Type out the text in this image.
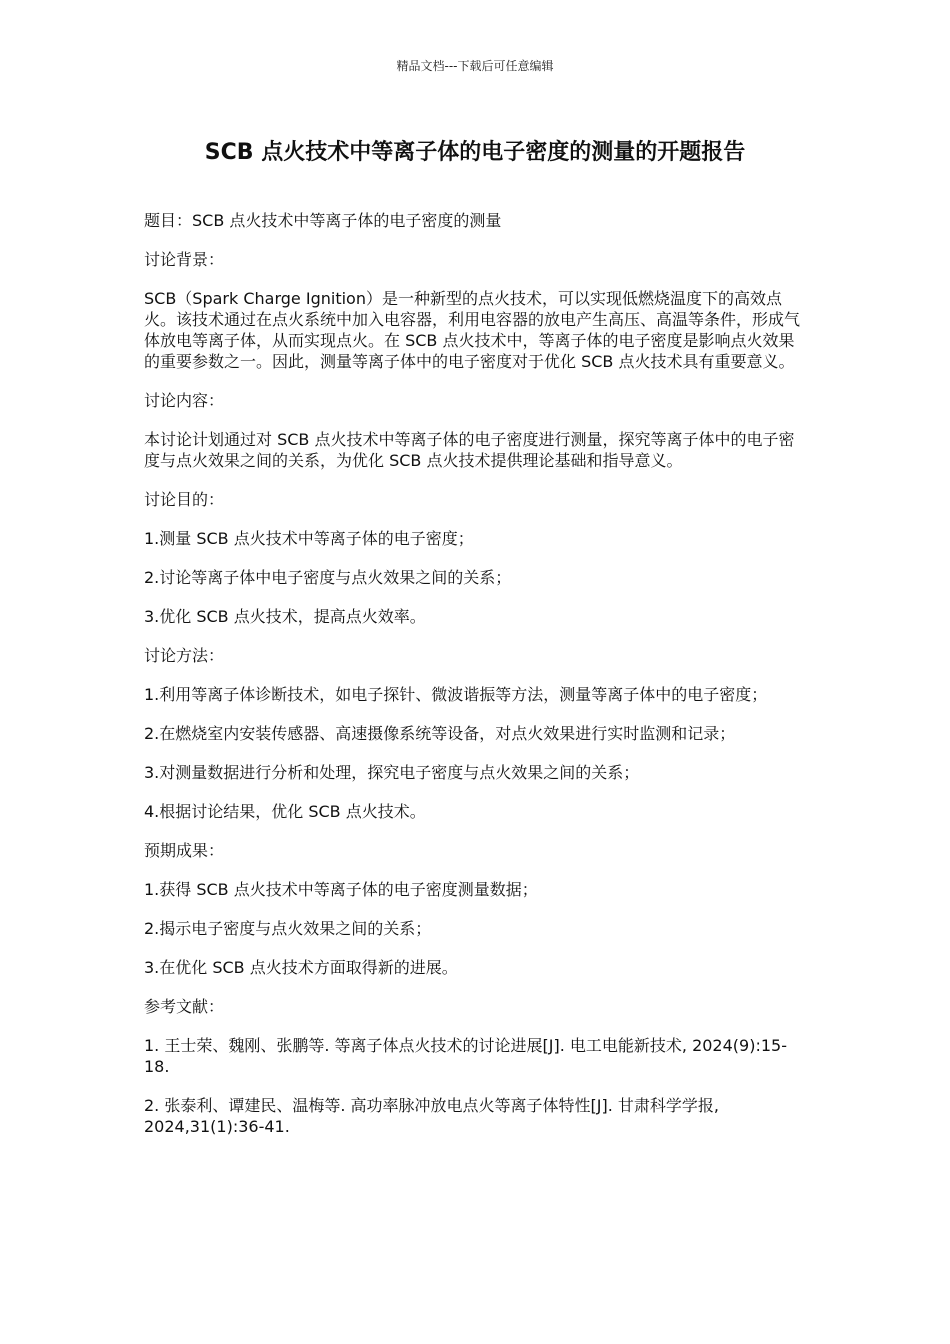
精品文档---下载后可任意编辑
SCB 点火技术中等离子体的电子密度的测量的开题报告

题目：SCB 点火技术中等离子体的电子密度的测量

讨论背景：

SCB（Spark Charge Ignition）是一种新型的点火技术，可以实现低燃烧温度下的高效点火。该技术通过在点火系统中加入电容器，利用电容器的放电产生高压、高温等条件，形成气体放电等离子体，从而实现点火。在 SCB 点火技术中，等离子体的电子密度是影响点火效果的重要参数之一。因此，测量等离子体中的电子密度对于优化 SCB 点火技术具有重要意义。

讨论内容：

本讨论计划通过对 SCB 点火技术中等离子体的电子密度进行测量，探究等离子体中的电子密度与点火效果之间的关系，为优化 SCB 点火技术提供理论基础和指导意义。

讨论目的：

1.测量 SCB 点火技术中等离子体的电子密度；

2.讨论等离子体中电子密度与点火效果之间的关系；

3.优化 SCB 点火技术，提高点火效率。

讨论方法：

1.利用等离子体诊断技术，如电子探针、微波谐振等方法，测量等离子体中的电子密度；

2.在燃烧室内安装传感器、高速摄像系统等设备，对点火效果进行实时监测和记录；

3.对测量数据进行分析和处理，探究电子密度与点火效果之间的关系；

4.根据讨论结果，优化 SCB 点火技术。

预期成果：

1.获得 SCB 点火技术中等离子体的电子密度测量数据；

2.揭示电子密度与点火效果之间的关系；

3.在优化 SCB 点火技术方面取得新的进展。

参考文献：

1. 王士荣、魏刚、张鹏等. 等离子体点火技术的讨论进展[J]. 电工电能新技术, 2024(9):15-18.

2. 张泰利、谭建民、温梅等. 高功率脉冲放电点火等离子体特性[J]. 甘肃科学学报, 2024,31(1):36-41.
